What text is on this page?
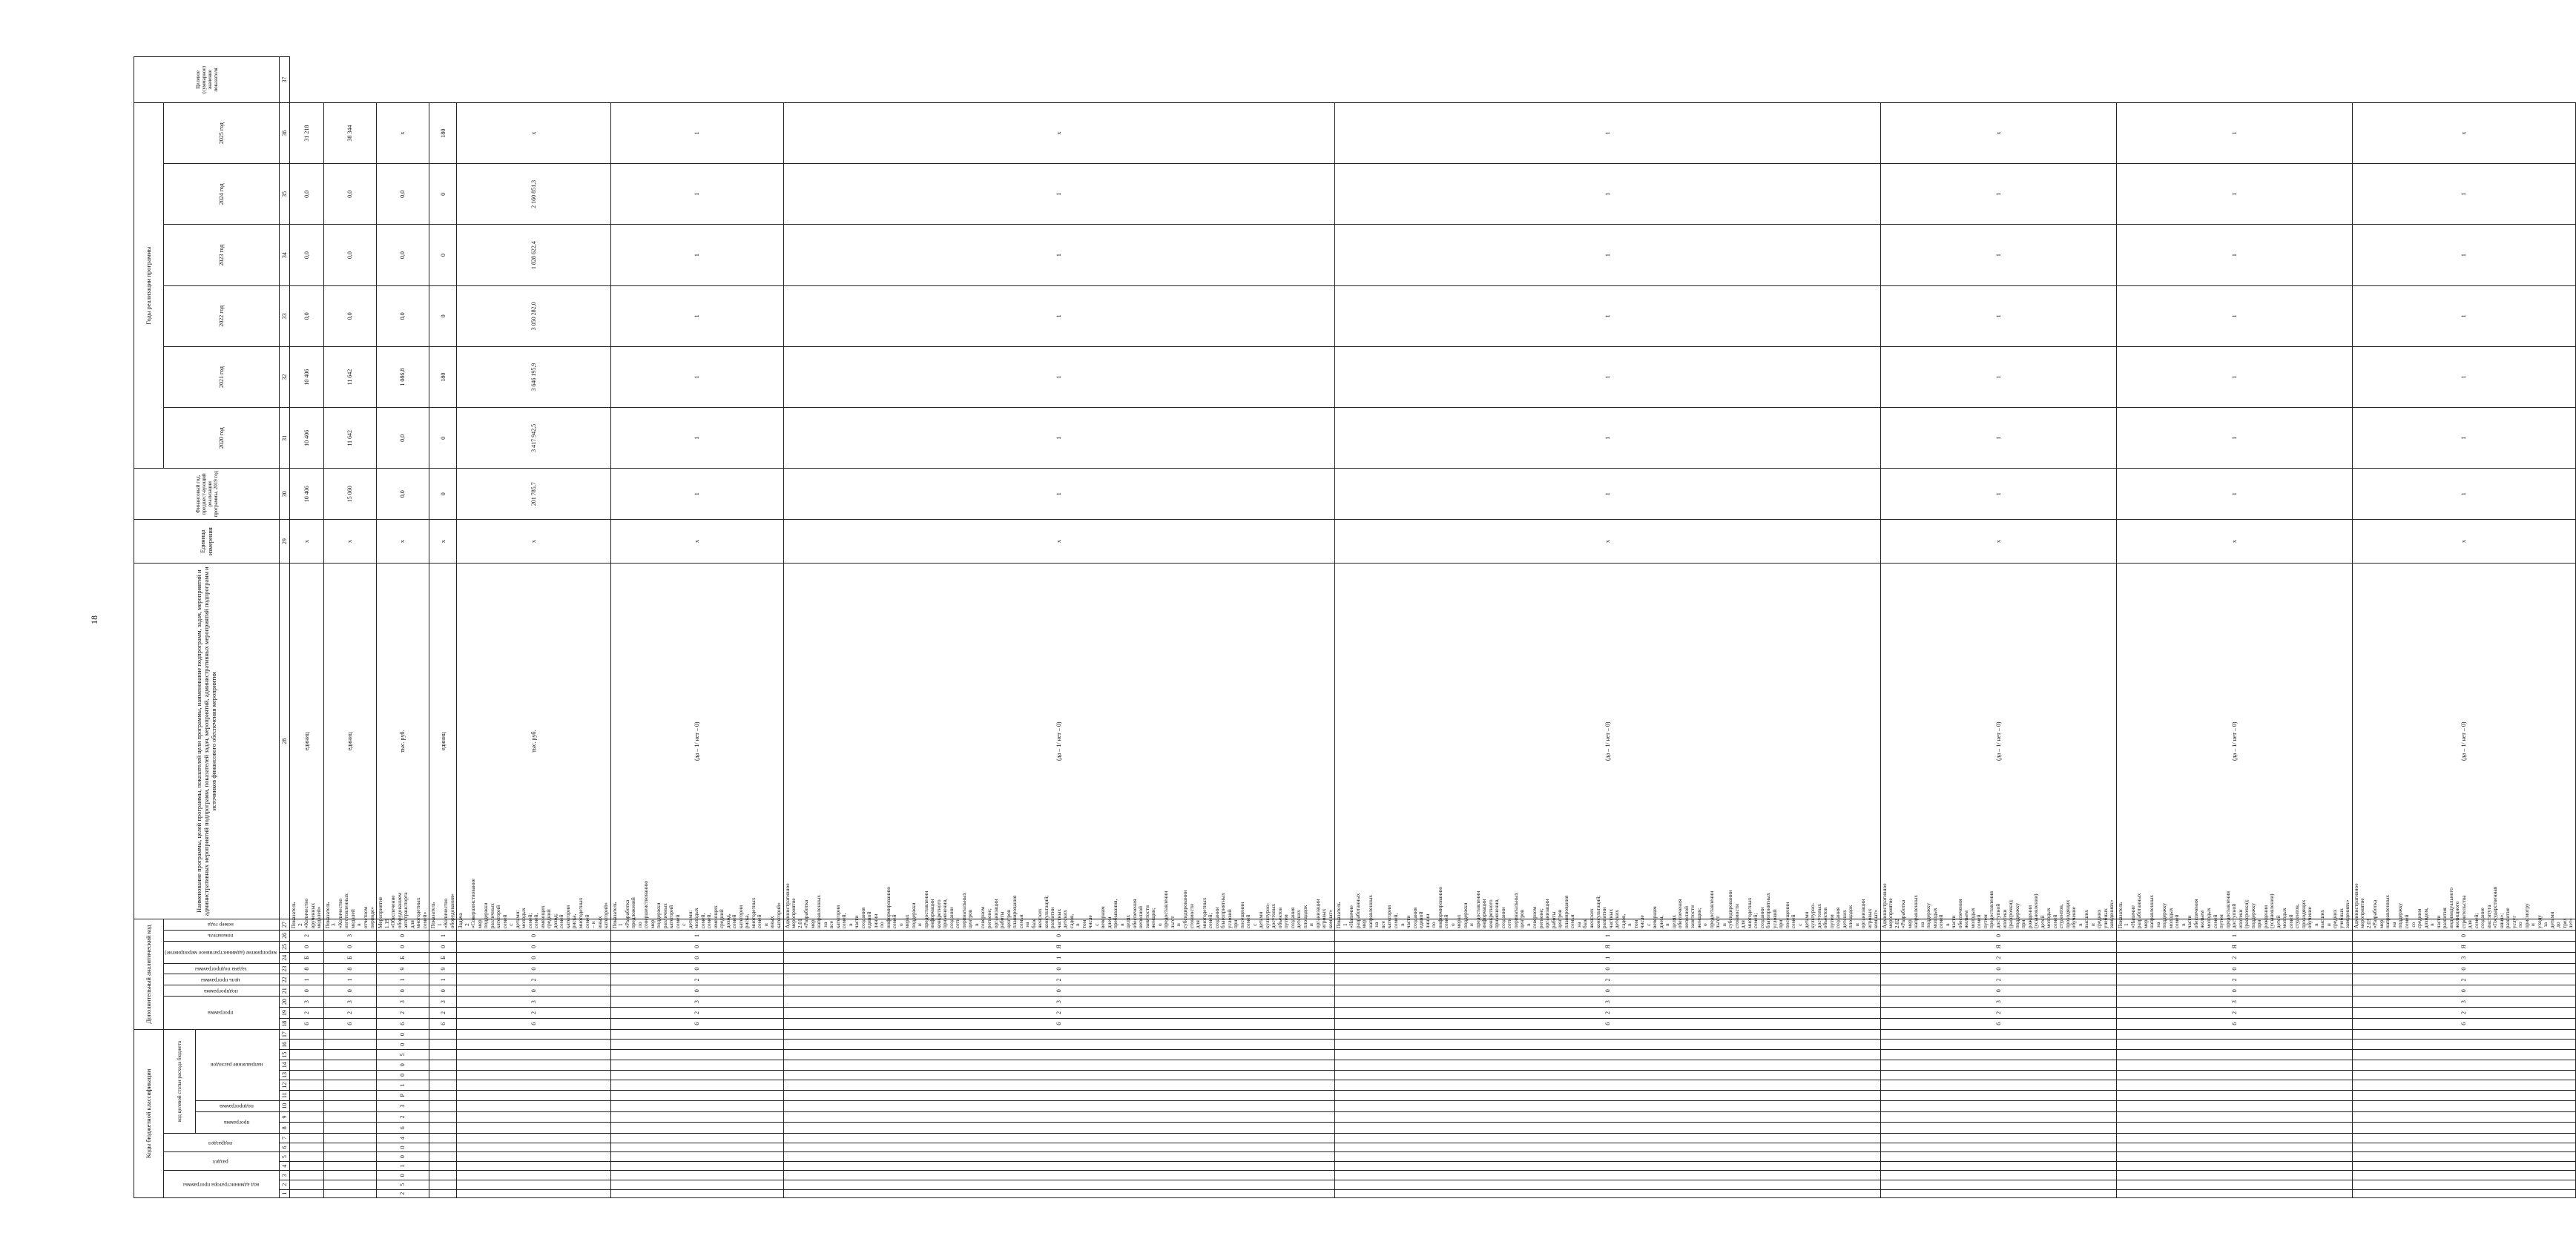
18
Коды бюджетной классификации																	Дополнительный аналитический код										Наименование программы, целей программы, показателей цели программы, наименование подпрограмм, задач, мероприятий и административных мероприятий подпрограмм, показателей задач, мероприятий, административных мероприятий подпрограмм и источников финансового обеспечения мероприятия	Единица измерения	Финансовый год, предшест-вующий реализации программы, 2019 год	Годы реализации программы						Целевое (суммарное) значение показателя
код администратора программы			раздел		подраздел		код целевой статьи расхода бюджета										программа			подпрограмма	цель программы	задача подпрограммы	мероприятие (административное мероприятие)		показатель	номер года				2020 год	2021 год	2022 год	2023 год	2024 год	2025 год	
							программа		подпрограмма	направление расходов																										
1	2	3	4	5	6	7	8	9	10	11	12	13	14	15	16	17	18	19	20	21	22	23	24	25	26	27	28	29	30	31	32	33	34	35	36	37
																	6	2	3	0	1	8	Б	0	2	Показатель 2 «Количество врученных медалей»	единиц	x	10 406	10 406	10 406	0,0	0,0	0,0	31 218	
																	6	2	3	0	1	8	Б	0	3	Показатель 3 «Количество изготовленных медалей в отчетном периоде»	единиц	x	15 060	11 642	11 642	0,0	0,0	0,0	38 344	
2	5	0	1	0	0	4	6	2	3	Р	1	0	0	5	0	0	6	2	3	0	1	9	Б	0	0	Мероприятие 1.19 «Обеспечение оборудованием автотранспорта для многодетных семей»	тыс. руб.	x	0,0	0,0	1 086,8	0,0	0,0	0,0	x	
																	6	2	3	0	1	9	Б	0	1	Показатель 1 «Количество оборудования»	единиц	x	0	0	180	0	0	0	180	
																	6	2	3	0	2	0	0	0	0	Задача 2 «Совершенствование мер поддержки различных категорий семей с детьми: молодых семей; семей, имеющих средний доход; семей категории риска, многодетных семей – и иных категорий»	тыс. руб.	x	201 785,7	3 417 942,5	3 646 195,9	3 050 282,0	1 828 622,4	2 160 851,3	x	
																	6	2	3	0	2	0	0	0	1	Показатель 1 «Разработка предложений по совершенствованию мер поддержки различных категорий семей с детьми: молодых семей, семей, имеющих средний доход, семей категории риска, многодетных семей и иных категорий»	(да – 1/ нет – 0)	x	1	1	1	1	1	1	1	
																	6	2	3	0	2	0	1	Я	0	Административное мероприятие 2.01 «Разработка мер, направленных на все категории семей, в части создания единой линии по информированию семей о мерах поддержки и предоставлении информации конкретного применения, создании сети перинатальных центров в северном регионе; организации работы центров планирования семьи на базе женских консультаций; развитии частных детских садов, в том числе с вечерним днем пребывания, в целях обеспечения неполной занятости женщин; о предоставлении льгот и субсидировании стоимости для многодетных семей; создании благоприятных условий при посещении семей с детьми культурно-досуговых объектов путем создания детских площадок и организации игровых комнат»	(да – 1/ нет – 0)	x	1	1	1	1	1	1	x	
																	6	2	3	0	2	0	1	Я	1	Показатель 1 «Наличие разработанных мер, направленных на все категории семей, в части создания единой линии по информированию семей о мерах поддержки и предоставлении информации конкретного применения, создании сети перинатальных центров в северном регионе; организации работы центров планирования семьи на базе женских консультаций; развитии частных детских садов, в том числе с вечерним днем, в целях обеспечения неполной занятости женщин; о предоставлении льгот и субсидировании стоимости для многодетных семей; создании благоприятных условий при посещении семей с детьми культурно-досуговых объектов путем создания детских площадок и организации игровых комнат»	(да – 1/ нет – 0)	x	1	1	1	1	1	1	1	
																	6	2	3	0	2	0	2	Я	0	Административное мероприятие 2.02 «Разработка мер, направленных на поддержку молодых семей в части обеспечения жильем молодых семей путем предоставления доступной ипотеки (рассрочки); поддержку при рождении (усыновлении) детей молодых семей студентов, проходящих обучение в высших и средних учебных заведениях»	(да – 1/ нет – 0)	x	1	1	1	1	1	1	x	
																	6	2	3	0	2	0	2	Я	1	Показатель 1 «Наличие разработанных мер, направленных на поддержку молодых семей в части обеспечения жильем молодых семей путем предоставления доступной ипотеки (рассрочки); поддержку при рождении (усыновлении) детей молодых семей студентов, проходящих обучение в высших и средних учебных заведениях»	(да – 1/ нет – 0)	x	1	1	1	1	1	1	1	
																	6	2	3	0	2	0	3	Я	0	Административное мероприятие 2.03 «Разработка мер, направленных на поддержку семей со средним доходом, в части развития индивидуального жилищного строительства для семей; создание института «Государственная няня»; развитие услуг по присмотру и уходу за детьми до трех лет»	(да – 1/ нет – 0)	x	1	1	1	1	1	1	x	
